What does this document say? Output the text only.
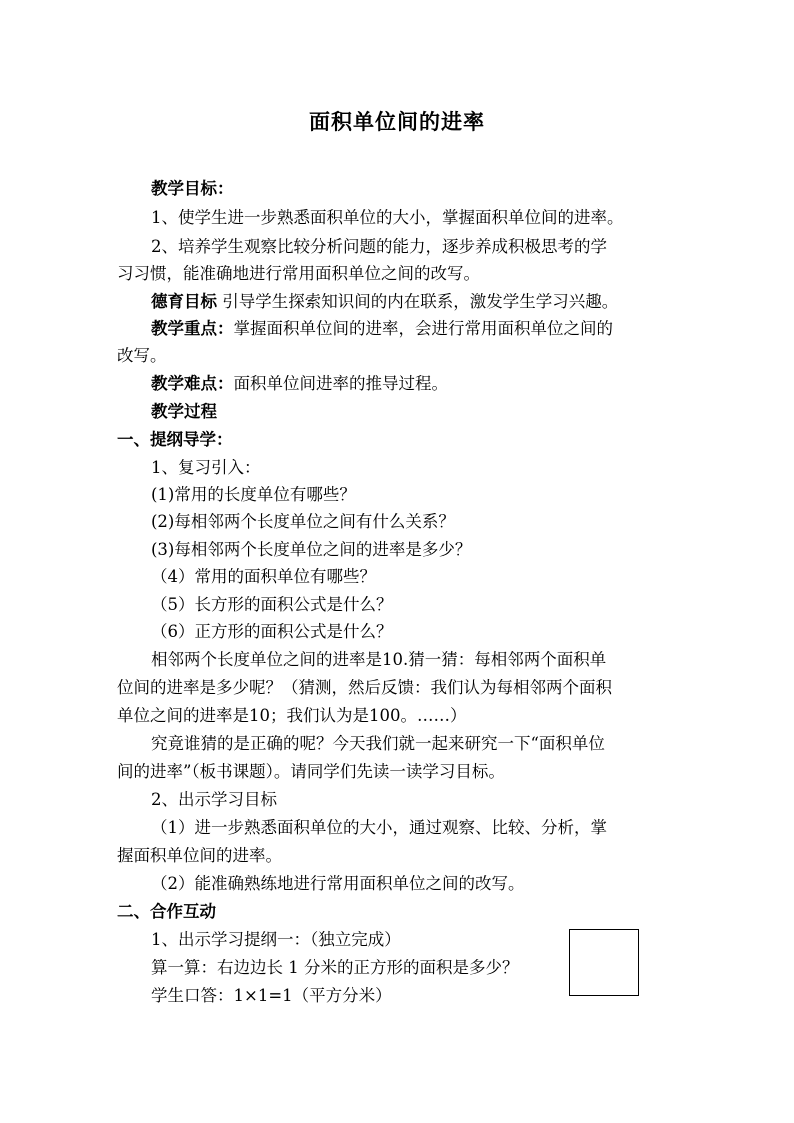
面积单位间的进率
教学目标：
1、使学生进一步熟悉面积单位的大小，掌握面积单位间的进率。
2、培养学生观察比较分析问题的能力，逐步养成积极思考的学
习习惯，能准确地进行常用面积单位之间的改写。
德育目标 引导学生探索知识间的内在联系，激发学生学习兴趣。
教学重点：掌握面积单位间的进率，会进行常用面积单位之间的
改写。
教学难点：面积单位间进率的推导过程。
教学过程
一、提纲导学：
1、复习引入：
(1)常用的长度单位有哪些？
(2)每相邻两个长度单位之间有什么关系？
(3)每相邻两个长度单位之间的进率是多少？
（4）常用的面积单位有哪些？
（5）长方形的面积公式是什么？
（6）正方形的面积公式是什么？
相邻两个长度单位之间的进率是10.猜一猜：每相邻两个面积单
位间的进率是多少呢？（猜测，然后反馈：我们认为每相邻两个面积
单位之间的进率是10；我们认为是100。……）
究竟谁猜的是正确的呢？今天我们就一起来研究一下“面积单位
间的进率”（板书课题）。请同学们先读一读学习目标。
2、出示学习目标
（1）进一步熟悉面积单位的大小，通过观察、比较、分析，掌
握面积单位间的进率。
（2）能准确熟练地进行常用面积单位之间的改写。
二、合作互动
1、出示学习提纲一：（独立完成）
算一算：右边边长 1 分米的正方形的面积是多少？
学生口答：1×1=1（平方分米）
